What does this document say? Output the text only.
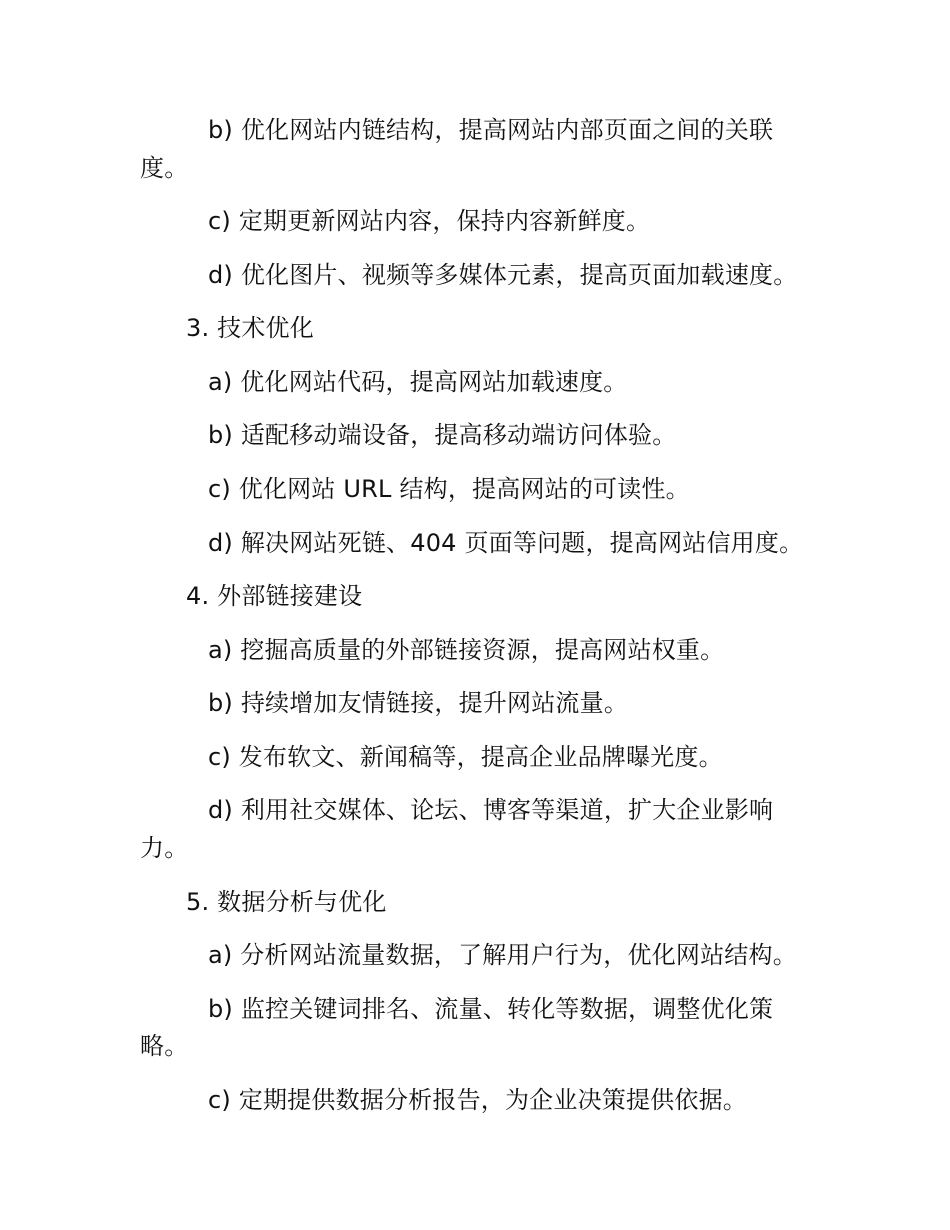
b) 优化网站内链结构，提高网站内部页面之间的关联
度。
c) 定期更新网站内容，保持内容新鲜度。
d) 优化图片、视频等多媒体元素，提高页面加载速度。
3. 技术优化
a) 优化网站代码，提高网站加载速度。
b) 适配移动端设备，提高移动端访问体验。
c) 优化网站 URL 结构，提高网站的可读性。
d) 解决网站死链、404 页面等问题，提高网站信用度。
4. 外部链接建设
a) 挖掘高质量的外部链接资源，提高网站权重。
b) 持续增加友情链接，提升网站流量。
c) 发布软文、新闻稿等，提高企业品牌曝光度。
d) 利用社交媒体、论坛、博客等渠道，扩大企业影响
力。
5. 数据分析与优化
a) 分析网站流量数据，了解用户行为，优化网站结构。
b) 监控关键词排名、流量、转化等数据，调整优化策
略。
c) 定期提供数据分析报告，为企业决策提供依据。
